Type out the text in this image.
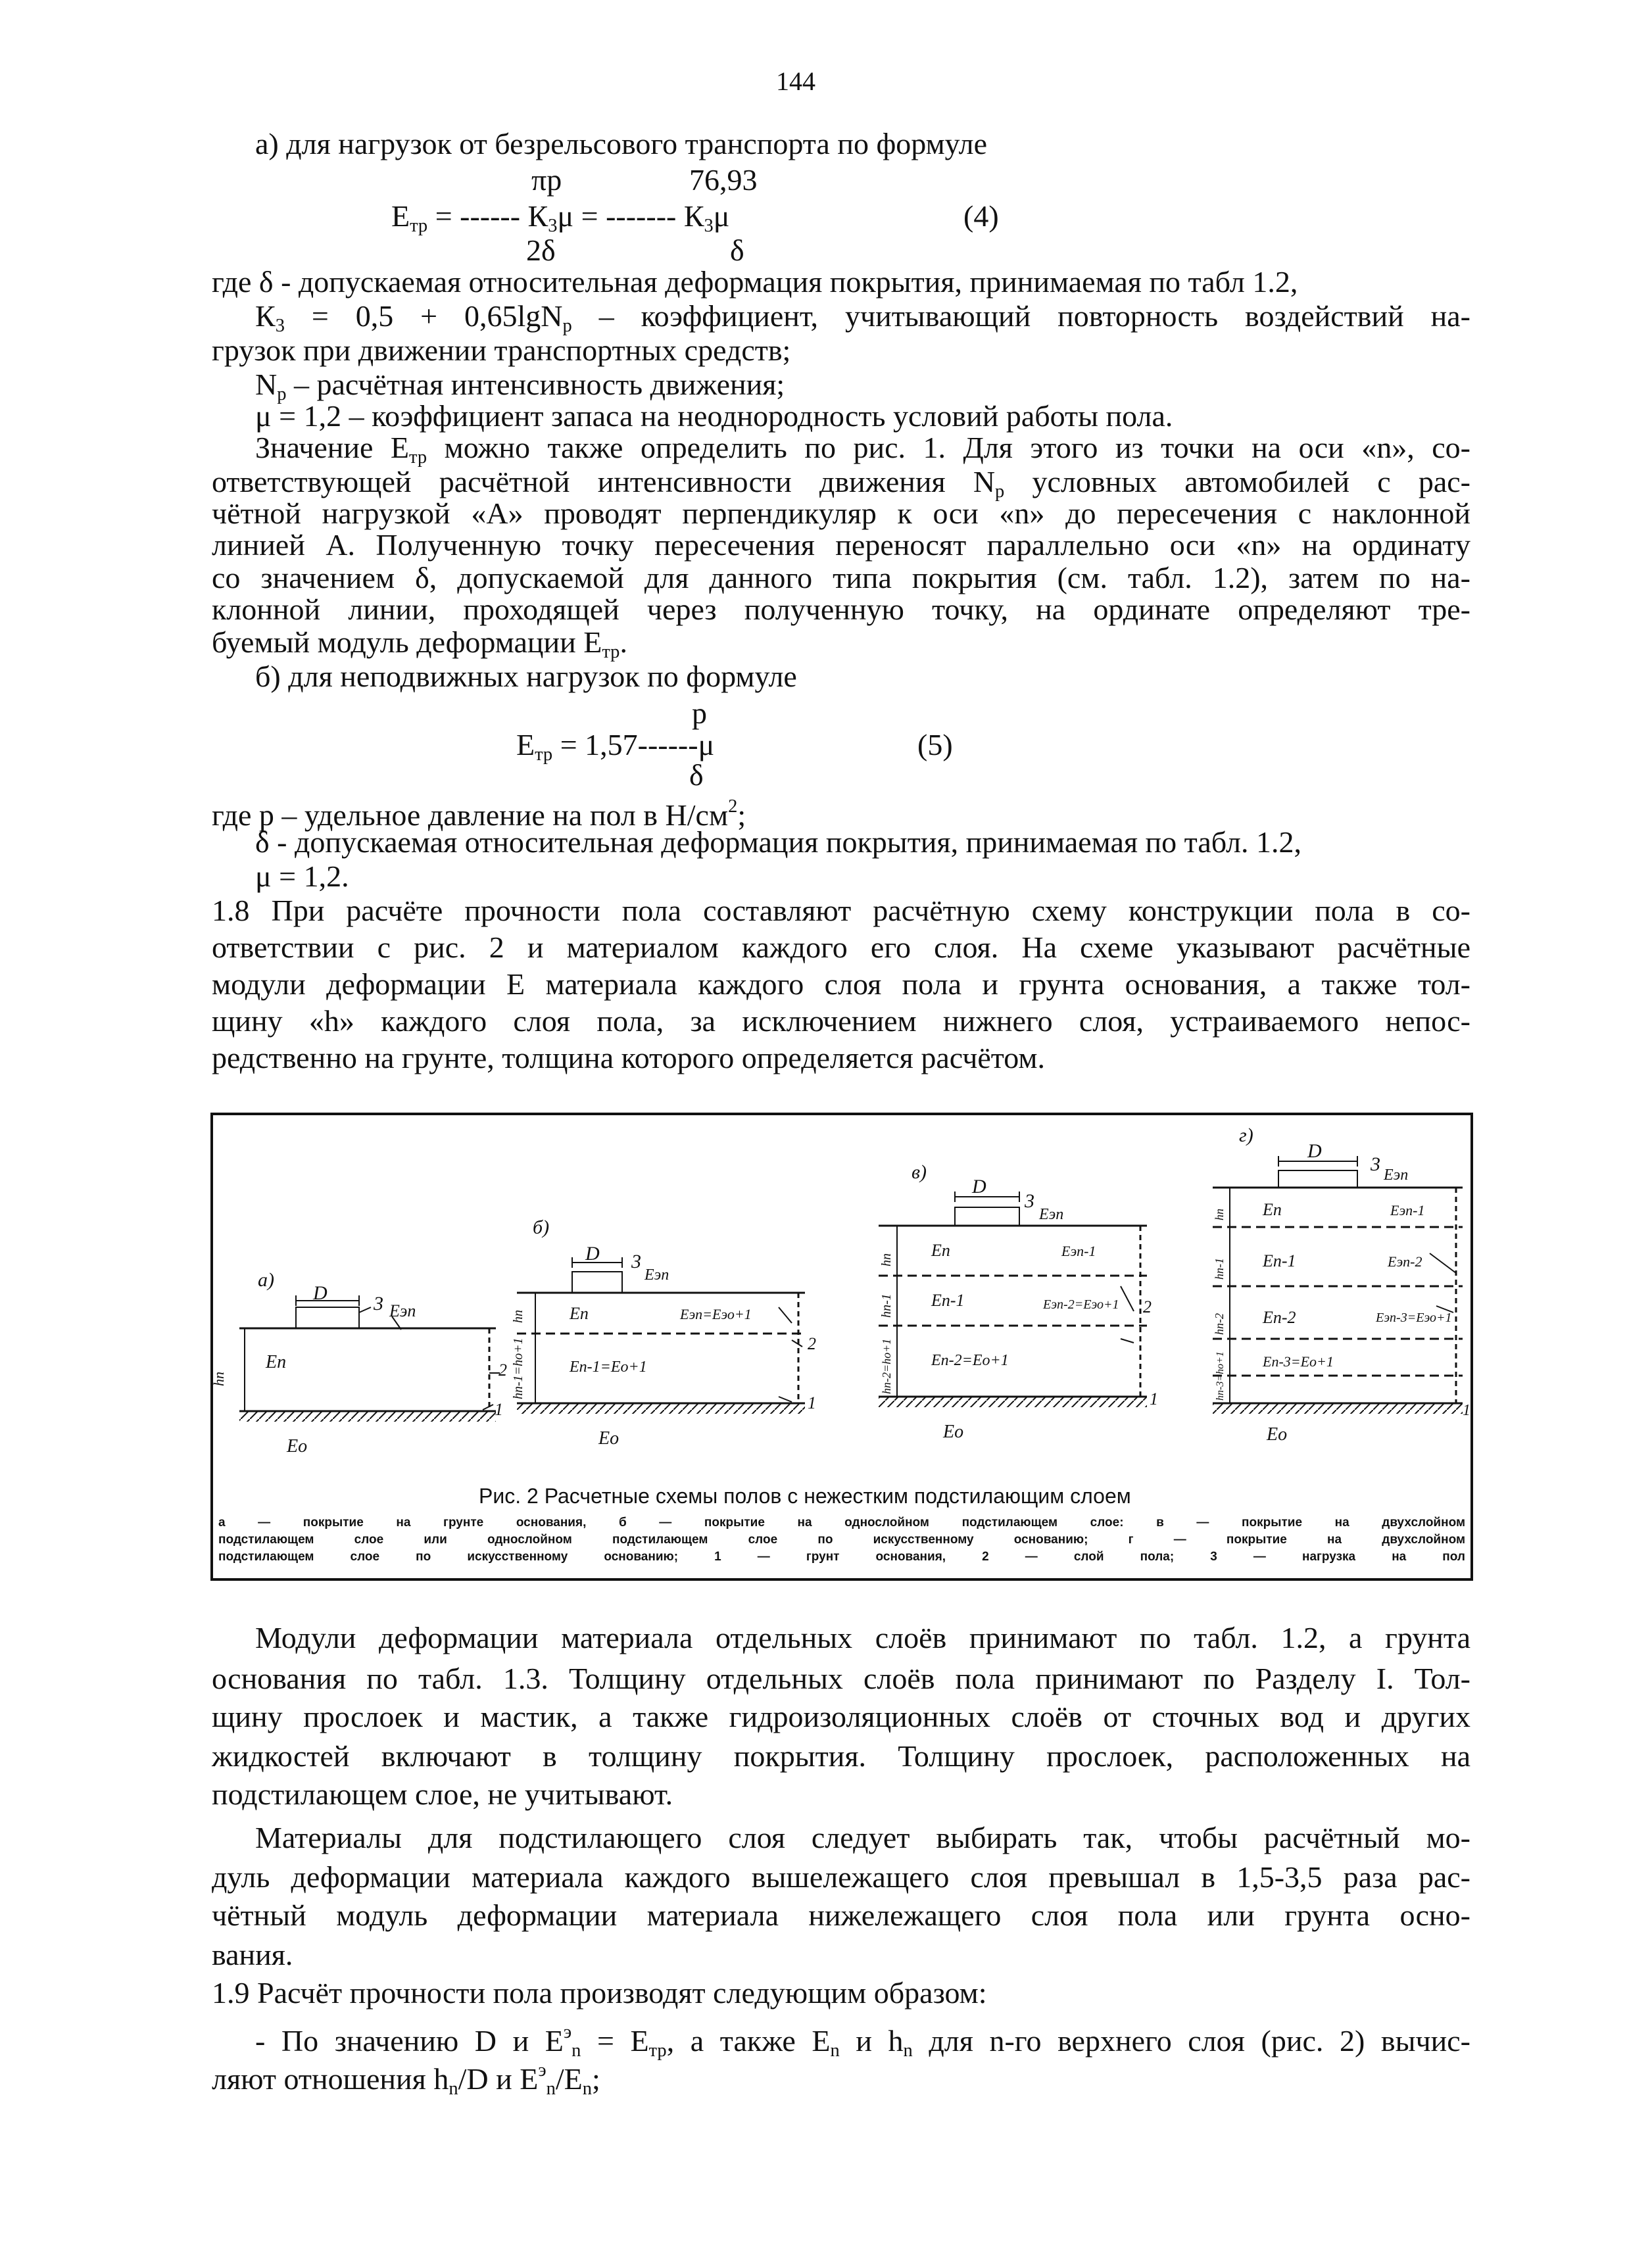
144
а) для нагрузок от безрельсового транспорта по формуле
πp	76,93
$E_{тр}$ = ------ $К_3\mu$ = ------- $К_3\mu$	(4)
2δ	δ
где δ - допускаемая относительная деформация покрытия, принимаемая по табл 1.2,
$К_3 = 0,5 + 0,65\lg N_p$ – коэффициент, учитывающий повторность воздействий на-
грузок при движении транспортных средств;
$N_p$ – расчётная интенсивность движения;
μ = 1,2 – коэффициент запаса на неоднородность условий работы пола.
Значение $Е_{тр}$ можно также определить по рис. 1. Для этого из точки на оси «n», со-
ответствующей расчётной интенсивности движения $N_p$ условных автомобилей с рас-
чётной нагрузкой «А» проводят перпендикуляр к оси «n» до пересечения с наклонной
линией А. Полученную точку пересечения переносят параллельно оси «n» на ординату
со значением δ, допускаемой для данного типа покрытия (см. табл. 1.2), затем по на-
клонной линии, проходящей через полученную точку, на ординате определяют тре-
буемый модуль деформации $Е_{тр}$.
б) для неподвижных нагрузок по формуле
p
$E_{тр} = 1,57------\mu$	(5)
δ
где p – удельное давление на пол в $Н/см^2$;
δ - допускаемая относительная деформация покрытия, принимаемая по табл. 1.2,
μ = 1,2.
1.8 При расчёте прочности пола составляют расчётную схему конструкции пола в со-
ответствии с рис. 2 и материалом каждого его слоя. На схеме указывают расчётные
модули деформации Е материала каждого слоя пола и грунта основания, а также тол-
щину «h» каждого слоя пола, за исключением нижнего слоя, устраиваемого непос-
редственно на грунте, толщина которого определяется расчётом.
а)
D 3 Eэп
Eп
hп	2
1
Eо
б)
D 3
Eэп
Eп	Eэп=Eэо+1
Eп-1=Eо+1
hп
hп-1=hо+1	2
1
Eо
в)
D
3
Eэп
Eп	Eэп-1
Eп-1	Eэп-2=Eэо+1
Eп-2=Eо+1
hп
hп-1
hп-2=hо+1
2
1
Eо
г)
D
3 Eэп
Eп	Eэп-1
Eп-1	Eэп-2
Eп-2	Eэп-3=Eэо+1
Eп-3=Eо+1
hп
hп-1
hп-2
hп-3=hо+1
1
Eо
Рис. 2 Расчетные схемы полов с нежестким подстилающим слоем
а — покрытие на грунте основания, б — покрытие на однослойном подстилающем слое: в — покрытие на двухслойном
подстилающем слое или однослойном подстилающем слое по искусственному основанию; г — покрытие на двухслойном
подстилающем слое по искусственному основанию; 1 — грунт основания, 2 — слой пола; 3 — нагрузка на пол
Модули деформации материала отдельных слоёв принимают по табл. 1.2, а грунта
основания по табл. 1.3. Толщину отдельных слоёв пола принимают по Разделу I. Тол-
щину прослоек и мастик, а также гидроизоляционных слоёв от сточных вод и других
жидкостей включают в толщину покрытия. Толщину прослоек, расположенных на
подстилающем слое, не учитывают.
Материалы для подстилающего слоя следует выбирать так, чтобы расчётный мо-
дуль деформации материала каждого вышележащего слоя превышал в 1,5-3,5 раза рас-
чётный модуль деформации материала нижележащего слоя пола или грунта осно-
вания.
1.9 Расчёт прочности пола производят следующим образом:
- По значению D и $E^э_n = E_{тр}$, а также $E_n$ и $h_n$ для n-го верхнего слоя (рис. 2) вычис-
ляют отношения $h_n/D$ и $E^э_n/E_n$;
